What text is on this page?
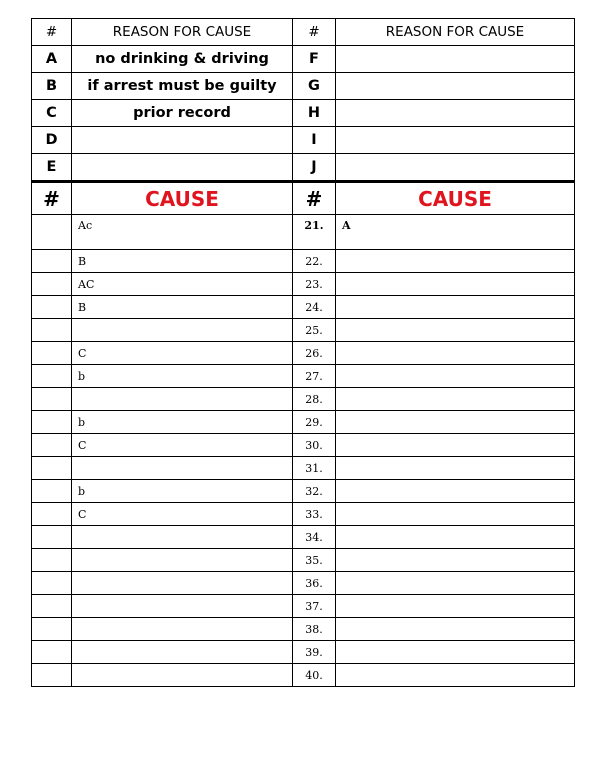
#	REASON FOR CAUSE	#	REASON FOR CAUSE
A	no drinking & driving	F	
B	if arrest must be guilty	G	
C	prior record	H	
D		I	
E		J	
#	CAUSE	#	CAUSE
	Ac	21.	A
	B	22.	
	AC	23.	
	B	24.	
		25.	
	C	26.	
	b	27.	
		28.	
	b	29.	
	C	30.	
		31.	
	b	32.	
	C	33.	
		34.	
		35.	
		36.	
		37.	
		38.	
		39.	
		40.	
